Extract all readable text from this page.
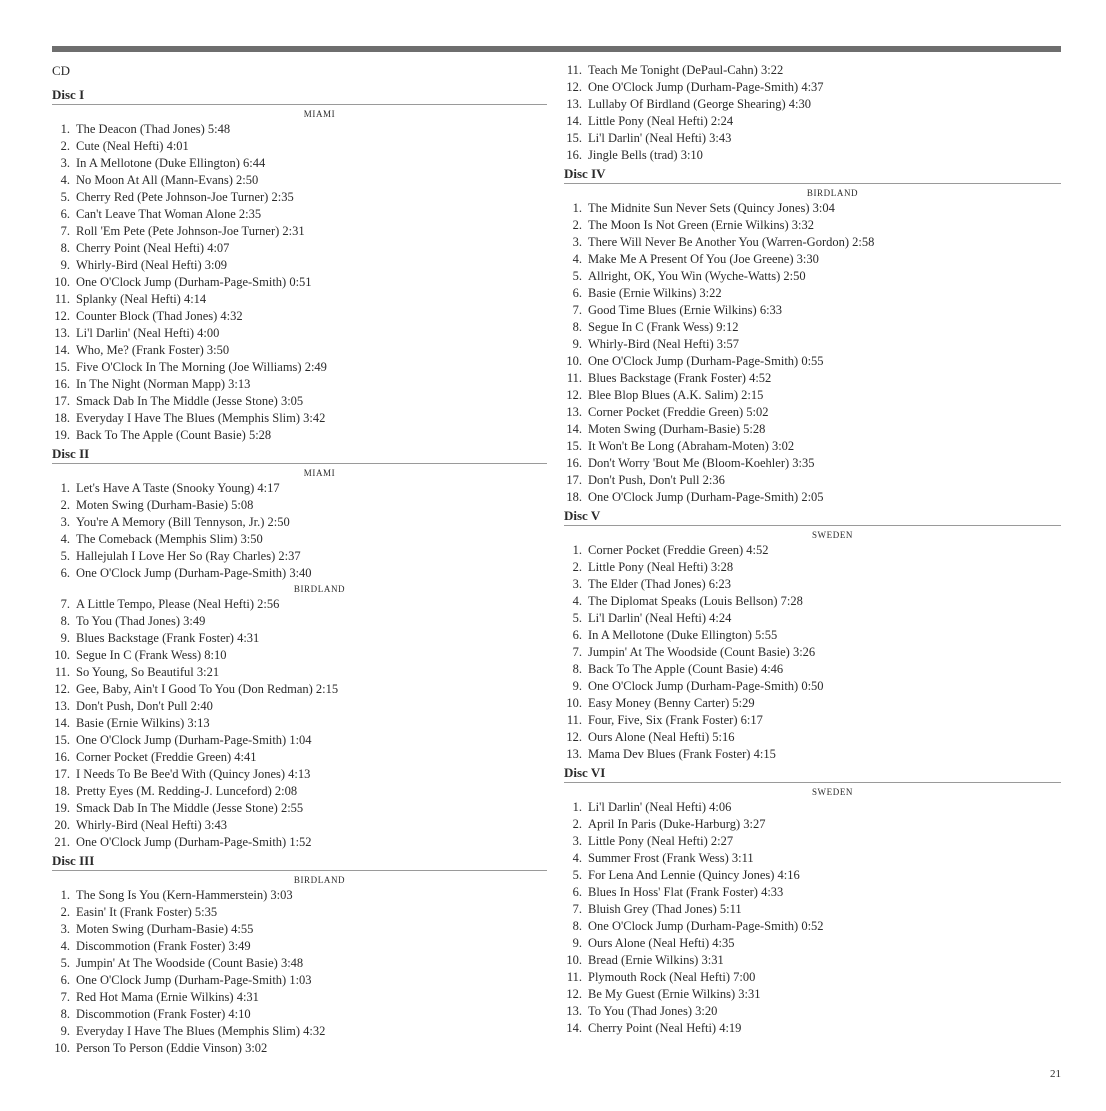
CD
Disc I
MIAMI
1. The Deacon (Thad Jones) 5:48
2. Cute (Neal Hefti) 4:01
3. In A Mellotone (Duke Ellington) 6:44
4. No Moon At All (Mann-Evans) 2:50
5. Cherry Red (Pete Johnson-Joe Turner) 2:35
6. Can't Leave That Woman Alone 2:35
7. Roll 'Em Pete (Pete Johnson-Joe Turner) 2:31
8. Cherry Point (Neal Hefti) 4:07
9. Whirly-Bird (Neal Hefti) 3:09
10. One O'Clock Jump (Durham-Page-Smith) 0:51
11. Splanky (Neal Hefti) 4:14
12. Counter Block (Thad Jones) 4:32
13. Li'l Darlin' (Neal Hefti) 4:00
14. Who, Me? (Frank Foster) 3:50
15. Five O'Clock In The Morning (Joe Williams) 2:49
16. In The Night (Norman Mapp) 3:13
17. Smack Dab In The Middle (Jesse Stone) 3:05
18. Everyday I Have The Blues (Memphis Slim) 3:42
19. Back To The Apple (Count Basie) 5:28
Disc II
MIAMI
1. Let's Have A Taste (Snooky Young) 4:17
2. Moten Swing (Durham-Basie) 5:08
3. You're A Memory (Bill Tennyson, Jr.) 2:50
4. The Comeback (Memphis Slim) 3:50
5. Hallejulah I Love Her So (Ray Charles) 2:37
6. One O'Clock Jump (Durham-Page-Smith) 3:40
BIRDLAND
7. A Little Tempo, Please (Neal Hefti) 2:56
8. To You (Thad Jones) 3:49
9. Blues Backstage (Frank Foster) 4:31
10. Segue In C (Frank Wess) 8:10
11. So Young, So Beautiful 3:21
12. Gee, Baby, Ain't I Good To You (Don Redman) 2:15
13. Don't Push, Don't Pull 2:40
14. Basie (Ernie Wilkins) 3:13
15. One O'Clock Jump (Durham-Page-Smith) 1:04
16. Corner Pocket (Freddie Green) 4:41
17. I Needs To Be Bee'd With (Quincy Jones) 4:13
18. Pretty Eyes (M. Redding-J. Lunceford) 2:08
19. Smack Dab In The Middle (Jesse Stone) 2:55
20. Whirly-Bird (Neal Hefti) 3:43
21. One O'Clock Jump (Durham-Page-Smith) 1:52
Disc III
BIRDLAND
1. The Song Is You (Kern-Hammerstein) 3:03
2. Easin' It (Frank Foster) 5:35
3. Moten Swing (Durham-Basie) 4:55
4. Discommotion (Frank Foster) 3:49
5. Jumpin' At The Woodside (Count Basie) 3:48
6. One O'Clock Jump (Durham-Page-Smith) 1:03
7. Red Hot Mama (Ernie Wilkins) 4:31
8. Discommotion (Frank Foster) 4:10
9. Everyday I Have The Blues (Memphis Slim) 4:32
10. Person To Person (Eddie Vinson) 3:02
11. Teach Me Tonight (DePaul-Cahn) 3:22
12. One O'Clock Jump (Durham-Page-Smith) 4:37
13. Lullaby Of Birdland (George Shearing) 4:30
14. Little Pony (Neal Hefti) 2:24
15. Li'l Darlin' (Neal Hefti) 3:43
16. Jingle Bells (trad) 3:10
Disc IV
BIRDLAND
1. The Midnite Sun Never Sets (Quincy Jones) 3:04
2. The Moon Is Not Green (Ernie Wilkins) 3:32
3. There Will Never Be Another You (Warren-Gordon) 2:58
4. Make Me A Present Of You (Joe Greene) 3:30
5. Allright, OK, You Win (Wyche-Watts) 2:50
6. Basie (Ernie Wilkins) 3:22
7. Good Time Blues (Ernie Wilkins) 6:33
8. Segue In C (Frank Wess) 9:12
9. Whirly-Bird (Neal Hefti) 3:57
10. One O'Clock Jump (Durham-Page-Smith) 0:55
11. Blues Backstage (Frank Foster) 4:52
12. Blee Blop Blues (A.K. Salim) 2:15
13. Corner Pocket (Freddie Green) 5:02
14. Moten Swing (Durham-Basie) 5:28
15. It Won't Be Long (Abraham-Moten) 3:02
16. Don't Worry 'Bout Me (Bloom-Koehler) 3:35
17. Don't Push, Don't Pull 2:36
18. One O'Clock Jump (Durham-Page-Smith) 2:05
Disc V
SWEDEN
1. Corner Pocket (Freddie Green) 4:52
2. Little Pony (Neal Hefti) 3:28
3. The Elder (Thad Jones) 6:23
4. The Diplomat Speaks (Louis Bellson) 7:28
5. Li'l Darlin' (Neal Hefti) 4:24
6. In A Mellotone (Duke Ellington) 5:55
7. Jumpin' At The Woodside (Count Basie) 3:26
8. Back To The Apple (Count Basie) 4:46
9. One O'Clock Jump (Durham-Page-Smith) 0:50
10. Easy Money (Benny Carter) 5:29
11. Four, Five, Six (Frank Foster) 6:17
12. Ours Alone (Neal Hefti) 5:16
13. Mama Dev Blues (Frank Foster) 4:15
Disc VI
SWEDEN
1. Li'l Darlin' (Neal Hefti) 4:06
2. April In Paris (Duke-Harburg) 3:27
3. Little Pony (Neal Hefti) 2:27
4. Summer Frost (Frank Wess) 3:11
5. For Lena And Lennie (Quincy Jones) 4:16
6. Blues In Hoss' Flat (Frank Foster) 4:33
7. Bluish Grey (Thad Jones) 5:11
8. One O'Clock Jump (Durham-Page-Smith) 0:52
9. Ours Alone (Neal Hefti) 4:35
10. Bread (Ernie Wilkins) 3:31
11. Plymouth Rock (Neal Hefti) 7:00
12. Be My Guest (Ernie Wilkins) 3:31
13. To You (Thad Jones) 3:20
14. Cherry Point (Neal Hefti) 4:19
21
